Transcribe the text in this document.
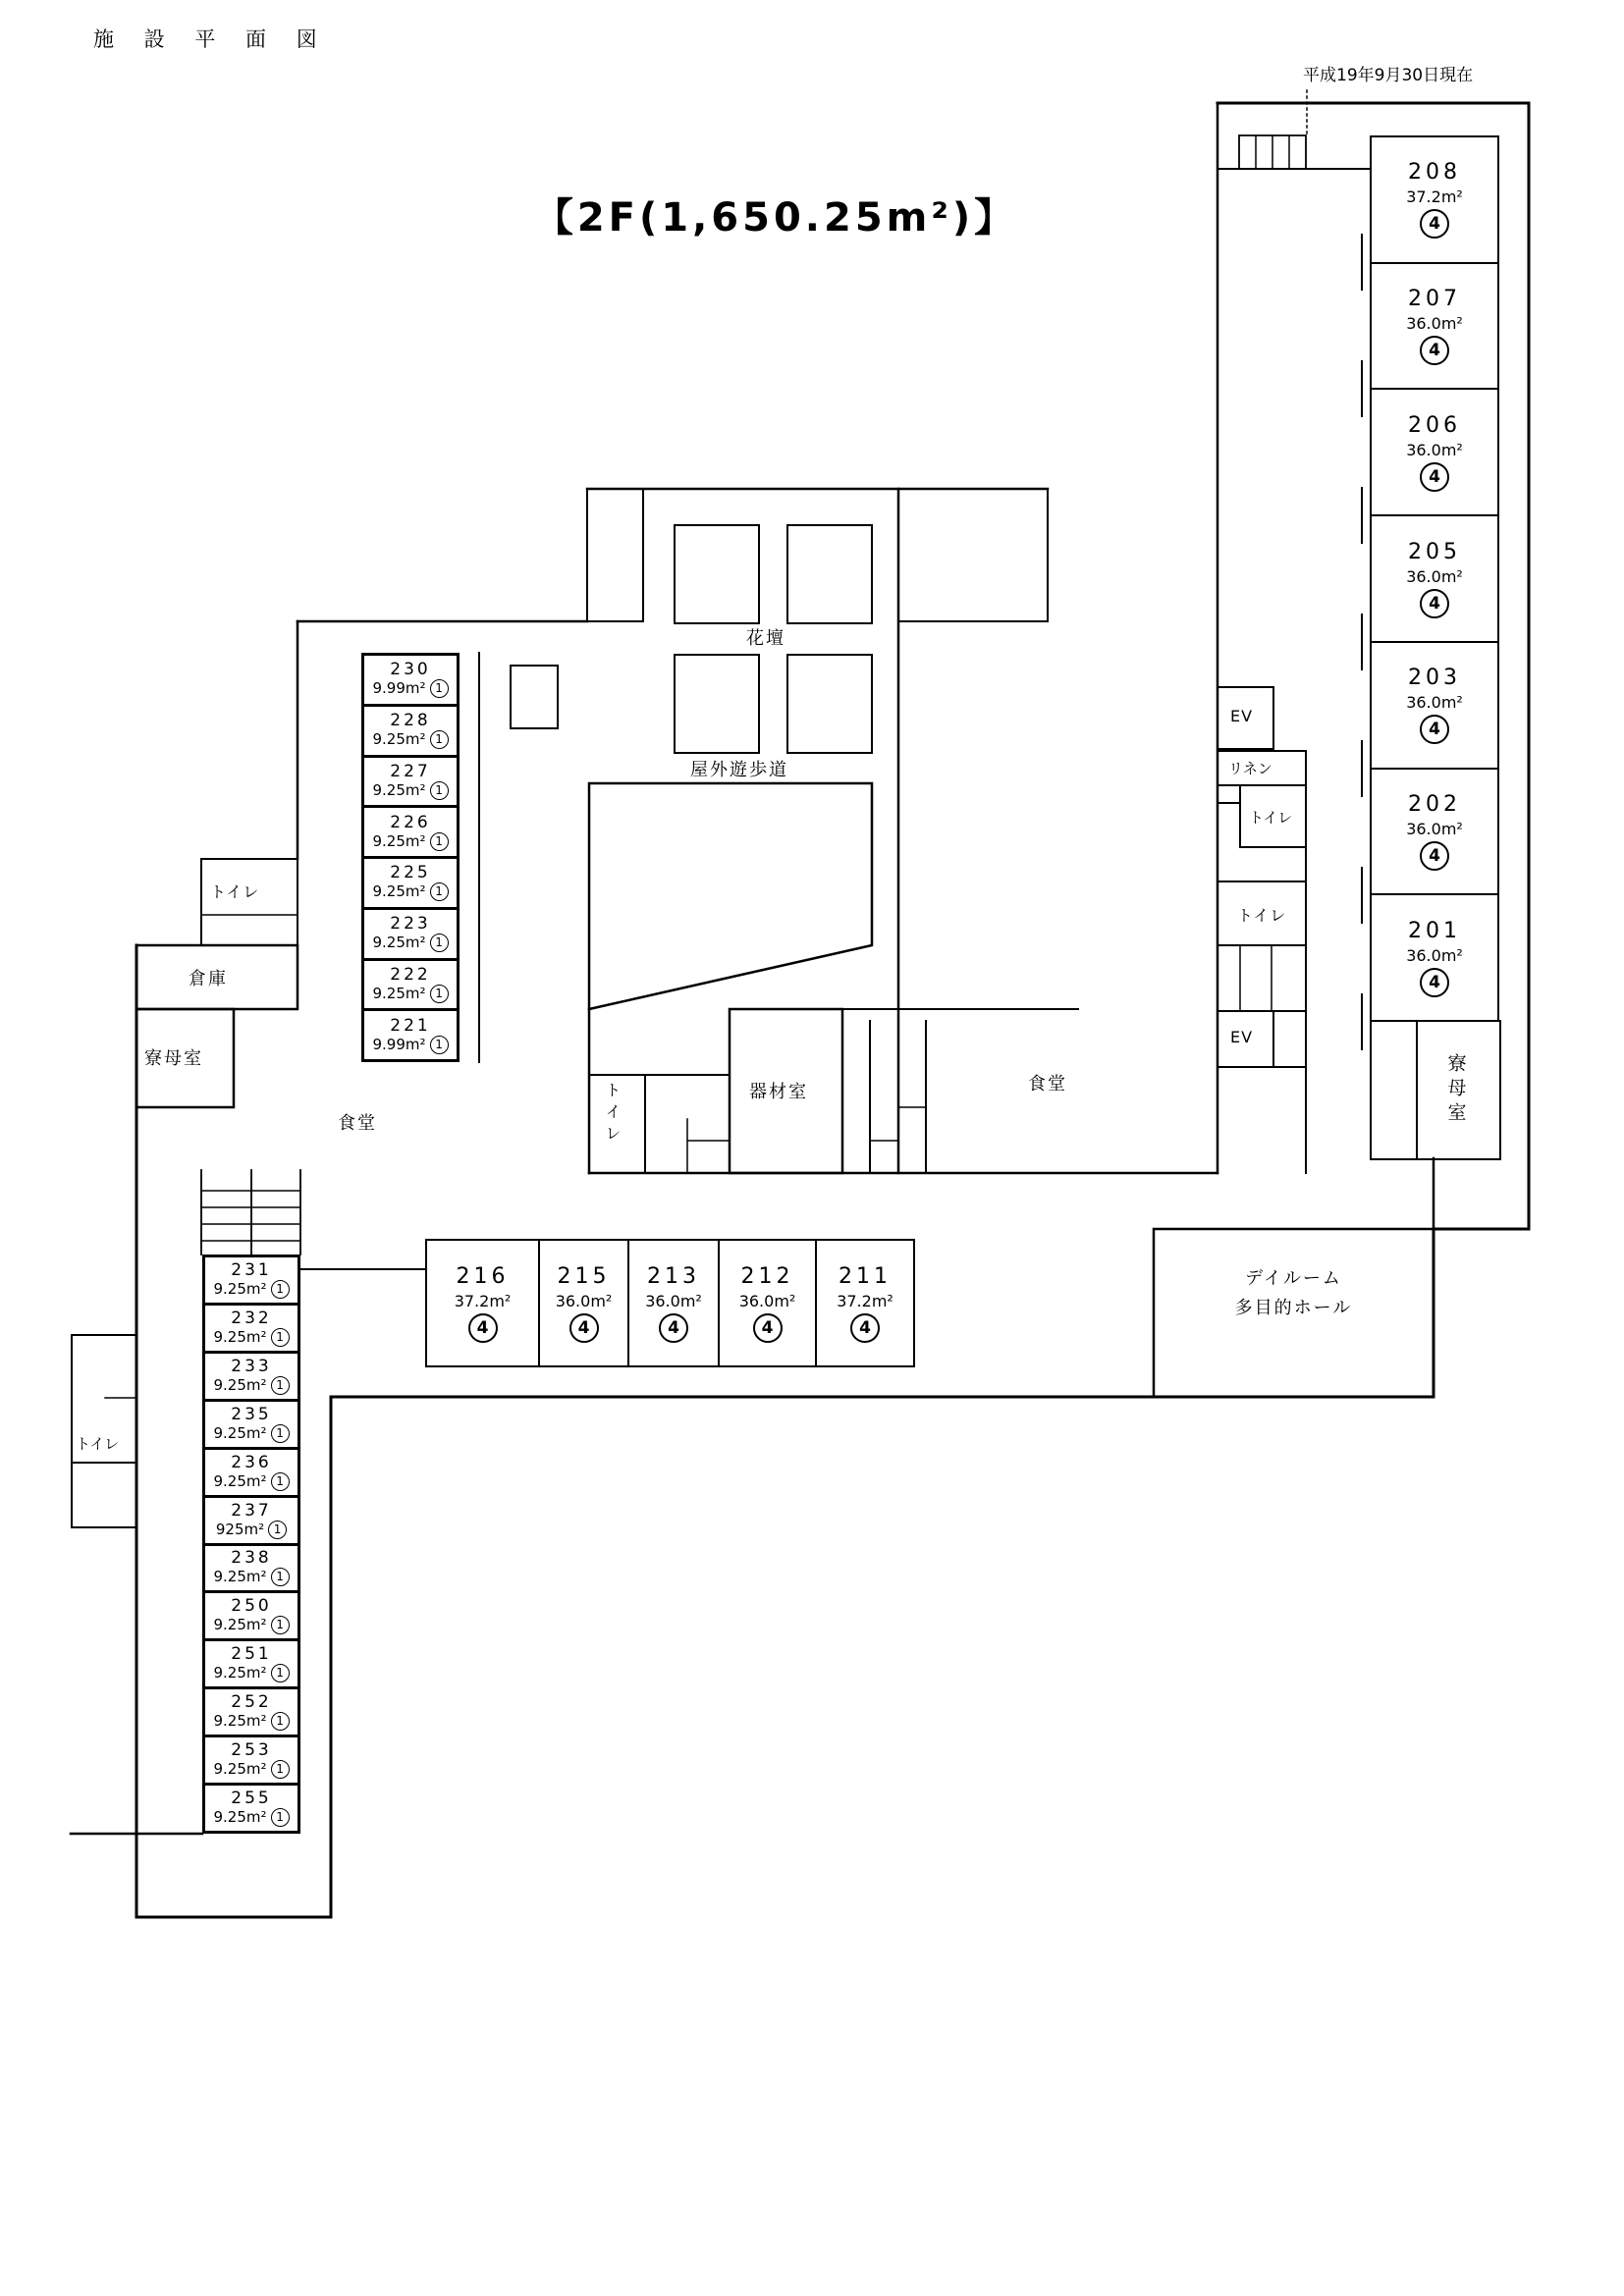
施 設 平 面 図
平成19年9月30日現在
【2F(1,650.25m²)】
花壇
屋外遊歩道
EV
リネン
トイレ
トイレ
EV
トイレ
倉庫
寮母室
食堂
トイレ
トイレ	器材室	食堂
デイルーム
多目的ホール
208
37.2m²
4
207
36.0m²
4
206
36.0m²
4
205
36.0m²
4
203
36.0m²
4
202
36.0m²
4
201
36.0m²
4
寮母室
216
37.2m²
4
215
36.0m²
4
213
36.0m²
4
212
36.0m²
4
211
37.2m²
4
230
9.99m² 1
228
9.25m² 1
227
9.25m² 1
226
9.25m² 1
225
9.25m² 1
223
9.25m² 1
222
9.25m² 1
221
9.99m² 1
231
9.25m² 1
232
9.25m² 1
233
9.25m² 1
235
9.25m² 1
236
9.25m² 1
237
925m² 1
238
9.25m² 1
250
9.25m² 1
251
9.25m² 1
252
9.25m² 1
253
9.25m² 1
255
9.25m² 1
